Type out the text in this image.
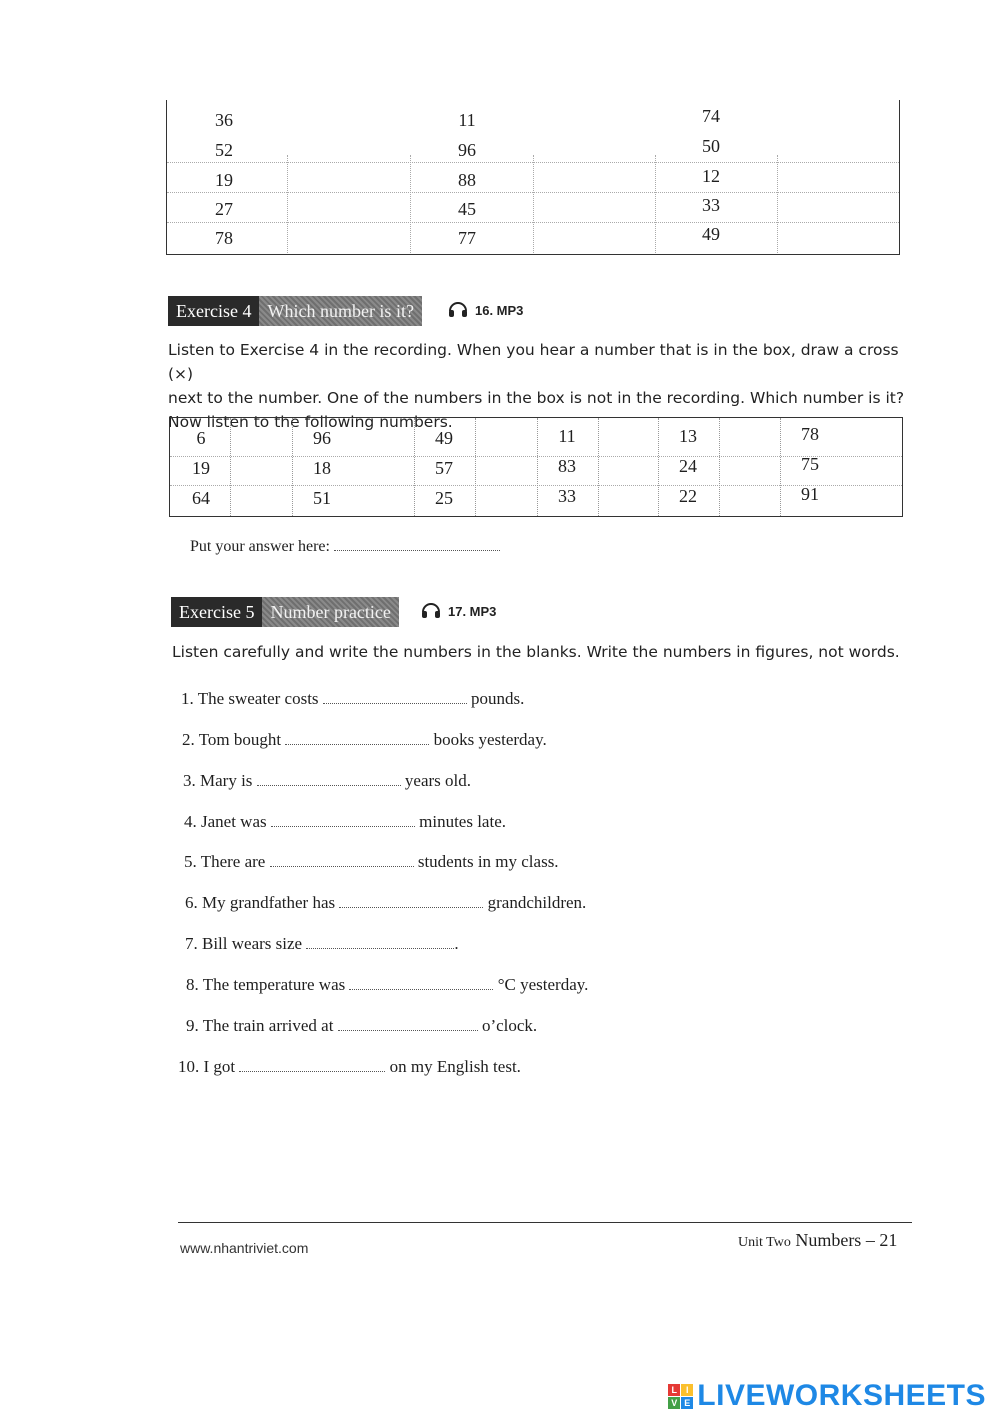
36	11	74
52	96	50
19	88	12
27	45	33
78	77	49
Exercise 4 Which number is it?	16. MP3
Listen to Exercise 4 in the recording. When you hear a number that is in the box, draw a cross (×)
next to the number. One of the numbers in the box is not in the recording. Which number is it?
Now listen to the following numbers.
6	96	49	11	13	78
19	18	57	83	24	75
64	51	25	33	22	91
Put your answer here:
Exercise 5 Number practice	17. MP3
Listen carefully and write the numbers in the blanks. Write the numbers in figures, not words.
1. The sweater costs	pounds.
2. Tom bought	books yesterday.
3. Mary is	years old.
4. Janet was	minutes late.
5. There are	students in my class.
6. My grandfather has	grandchildren.
7. Bill wears size	.
8. The temperature was	°C yesterday.
9. The train arrived at	o’clock.
10. I got	on my English test.
www.nhantriviet.com	Unit Two Numbers – 21
L I
V E LIVEWORKSHEETS
